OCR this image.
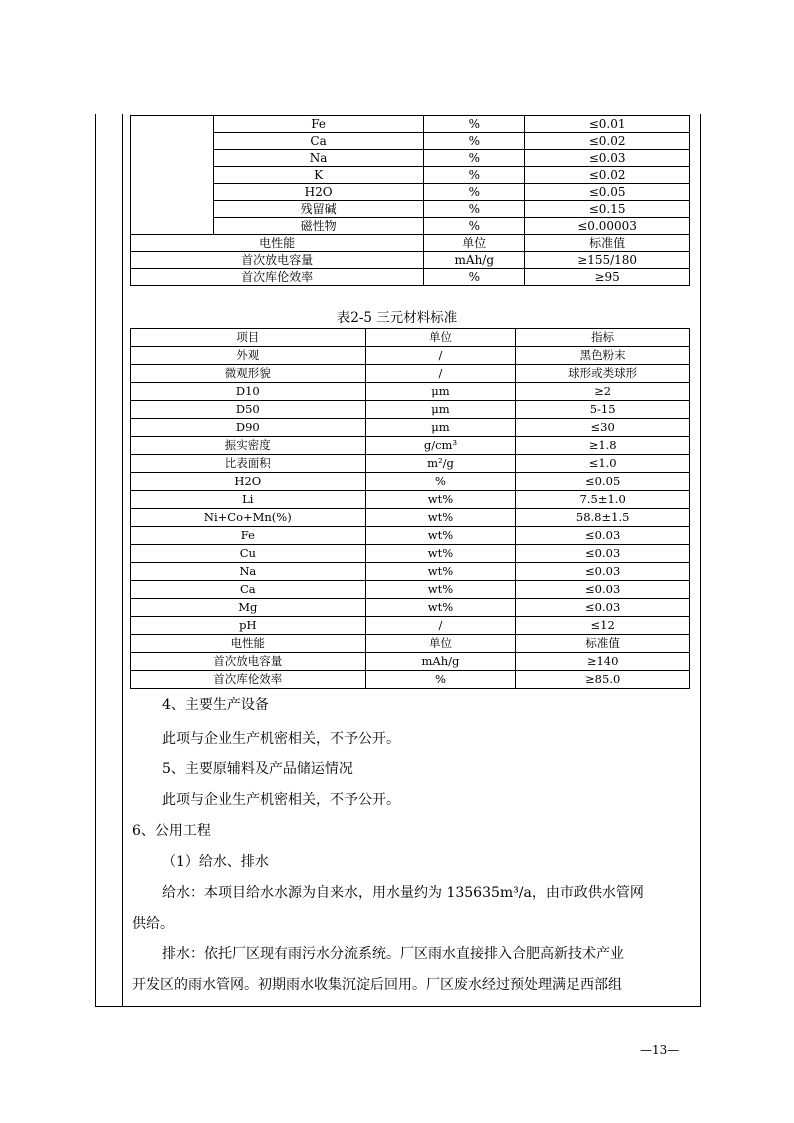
	Fe	%	≤0.01
	Ca	%	≤0.02
	Na	%	≤0.03
	K	%	≤0.02
	H2O	%	≤0.05
	残留碱	%	≤0.15
	磁性物	%	≤0.00003
电性能		单位	标准值
首次放电容量		mAh/g	≥155/180
首次库伦效率		%	≥95
表2-5 三元材料标准
项目	单位	指标
外观	/	黑色粉末
微观形貌	/	球形或类球形
D10	μm	≥2
D50	μm	5-15
D90	μm	≤30
振实密度	g/cm³	≥1.8
比表面积	m²/g	≤1.0
H2O	%	≤0.05
Li	wt%	7.5±1.0
Ni+Co+Mn(%)	wt%	58.8±1.5
Fe	wt%	≤0.03
Cu	wt%	≤0.03
Na	wt%	≤0.03
Ca	wt%	≤0.03
Mg	wt%	≤0.03
pH	/	≤12
电性能	单位	标准值
首次放电容量	mAh/g	≥140
首次库伦效率	%	≥85.0
4、主要生产设备
此项与企业生产机密相关，不予公开。
5、主要原辅料及产品储运情况
此项与企业生产机密相关，不予公开。
6、公用工程
（1）给水、排水
给水：本项目给水水源为自来水，用水量约为 135635m³/a，由市政供水管网
供给。
排水：依托厂区现有雨污水分流系统。厂区雨水直接排入合肥高新技术产业
开发区的雨水管网。初期雨水收集沉淀后回用。厂区废水经过预处理满足西部组
—13—
